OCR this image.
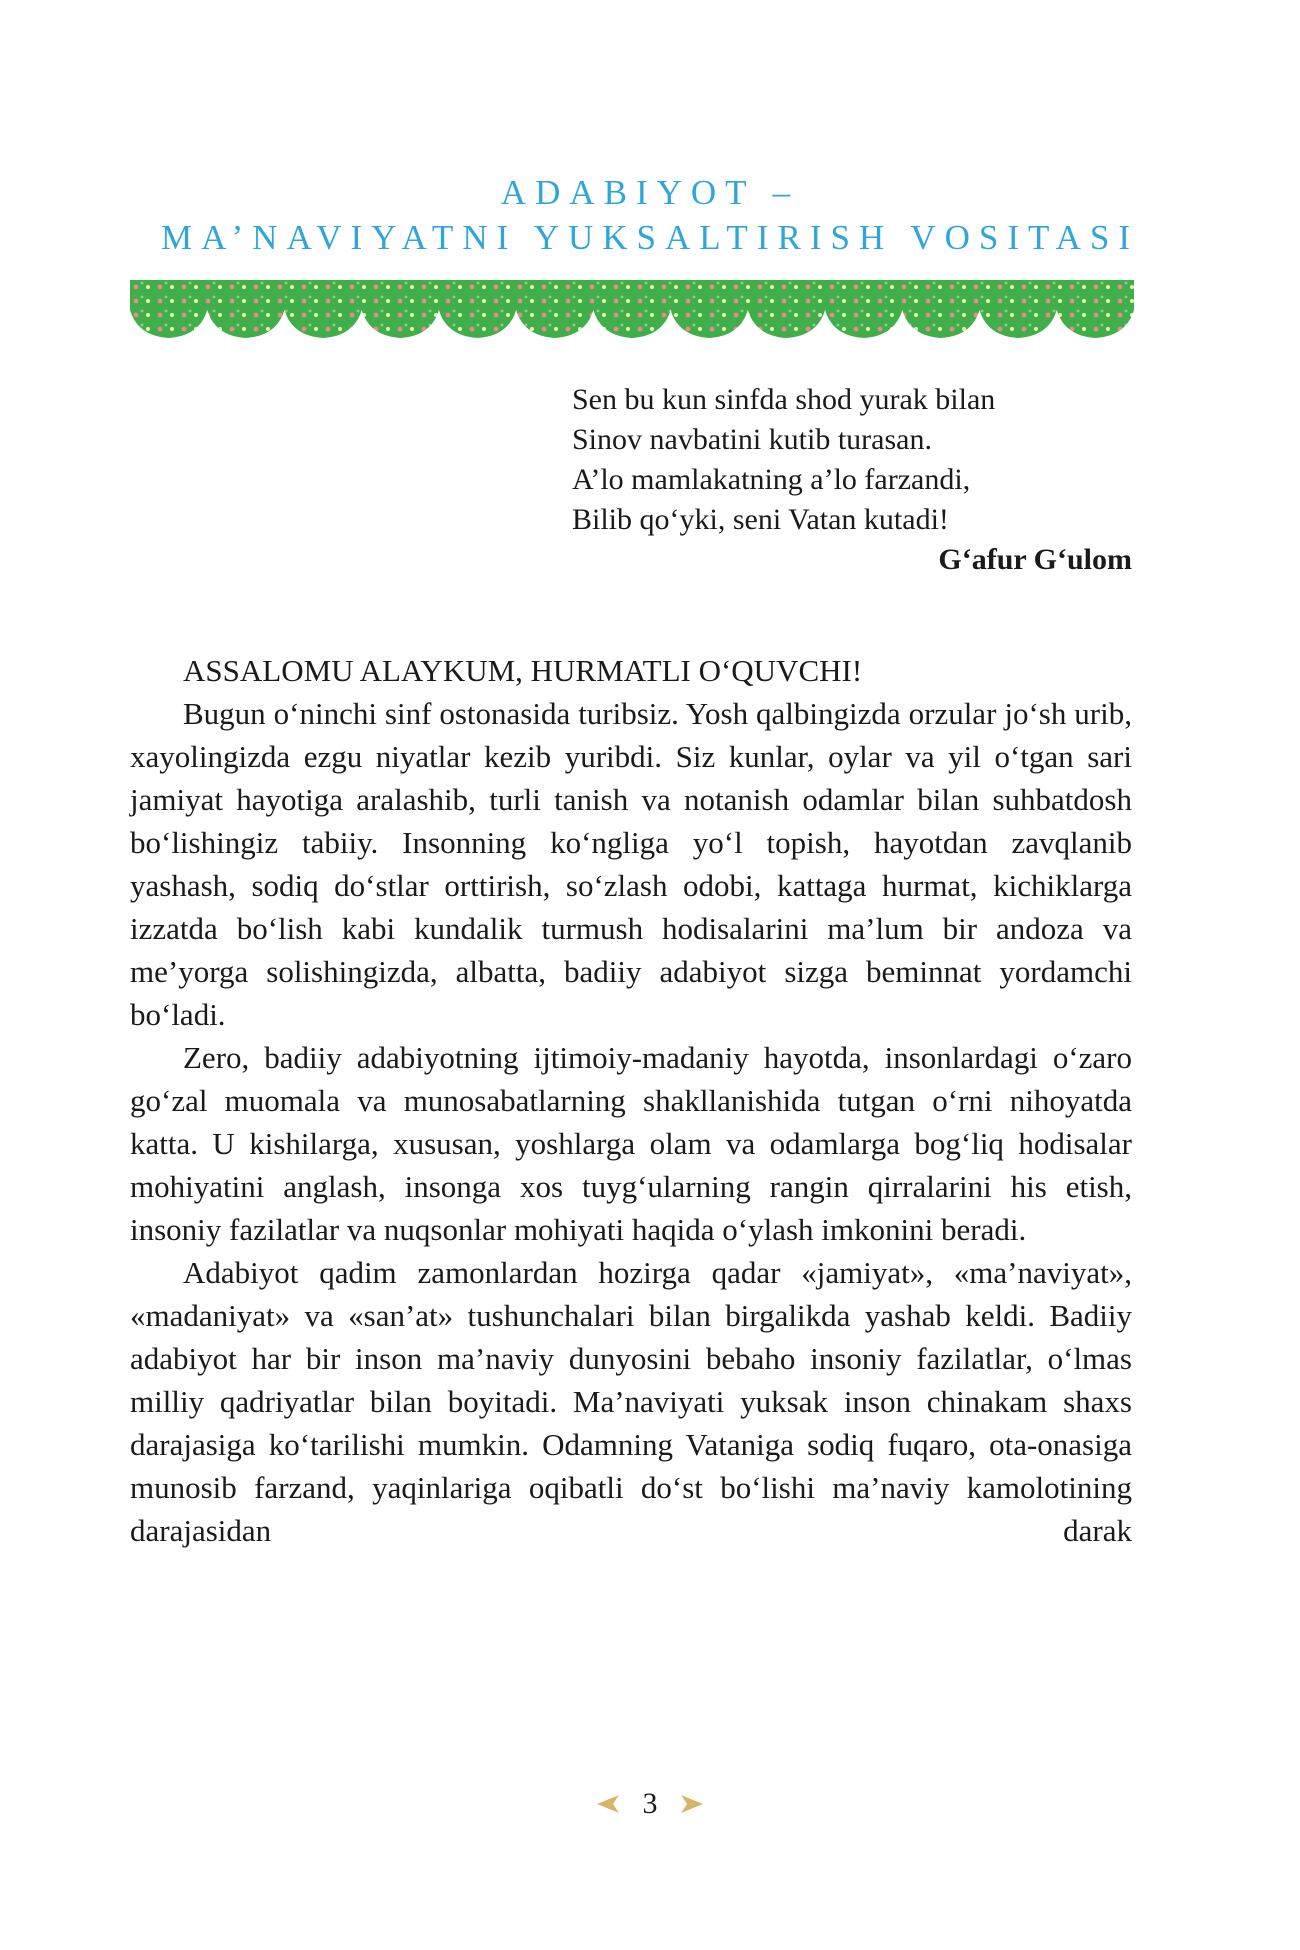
ADABIYOT –
MA’NAVIYATNI YUKSALTIRISH VOSITASI
Sen bu kun sinfda shod yurak bilan
Sinov navbatini kutib turasan.
A’lo mamlakatning a’lo farzandi,
Bilib qo‘yki, seni Vatan kutadi!
G‘afur G‘ulom
ASSALOMU ALAYKUM, HURMATLI O‘QUVCHI!

Bugun o‘ninchi sinf ostonasida turibsiz. Yosh qalbingizda orzular jo‘sh urib, xayolingizda ezgu niyatlar kezib yuribdi. Siz kunlar, oylar va yil o‘tgan sari jamiyat hayotiga aralashib, turli tanish va notanish odamlar bilan suhbatdosh bo‘lishingiz tabiiy. Insonning ko‘ngliga yo‘l topish, hayotdan zavqlanib yashash, sodiq do‘stlar orttirish, so‘zlash odobi, kattaga hurmat, kichiklarga izzatda bo‘lish kabi kundalik turmush hodisalarini ma’lum bir andoza va me’yorga solishingizda, albatta, badiiy adabiyot sizga beminnat yordamchi bo‘ladi.

Zero, badiiy adabiyotning ijtimoiy-madaniy hayotda, insonlardagi o‘zaro go‘zal muomala va munosabatlarning shakllanishida tutgan o‘rni nihoyatda katta. U kishilarga, xususan, yoshlarga olam va odamlarga bog‘liq hodisalar mohiyatini anglash, insonga xos tuyg‘ularning rangin qirralarini his etish, insoniy fazilatlar va nuqsonlar mohiyati haqida o‘ylash imkonini beradi.

Adabiyot qadim zamonlardan hozirga qadar «jamiyat», «ma’naviyat», «madaniyat» va «san’at» tushunchalari bilan birgalikda yashab keldi. Badiiy adabiyot har bir inson ma’naviy dunyosini bebaho insoniy fazilatlar, o‘lmas milliy qadriyatlar bilan boyitadi. Ma’naviyati yuksak inson chinakam shaxs darajasiga ko‘tarilishi mumkin. Odamning Vataniga sodiq fuqaro, ota-onasiga munosib farzand, yaqinlariga oqibatli do‘st bo‘lishi ma’naviy kamolotining darajasidan darak

3
